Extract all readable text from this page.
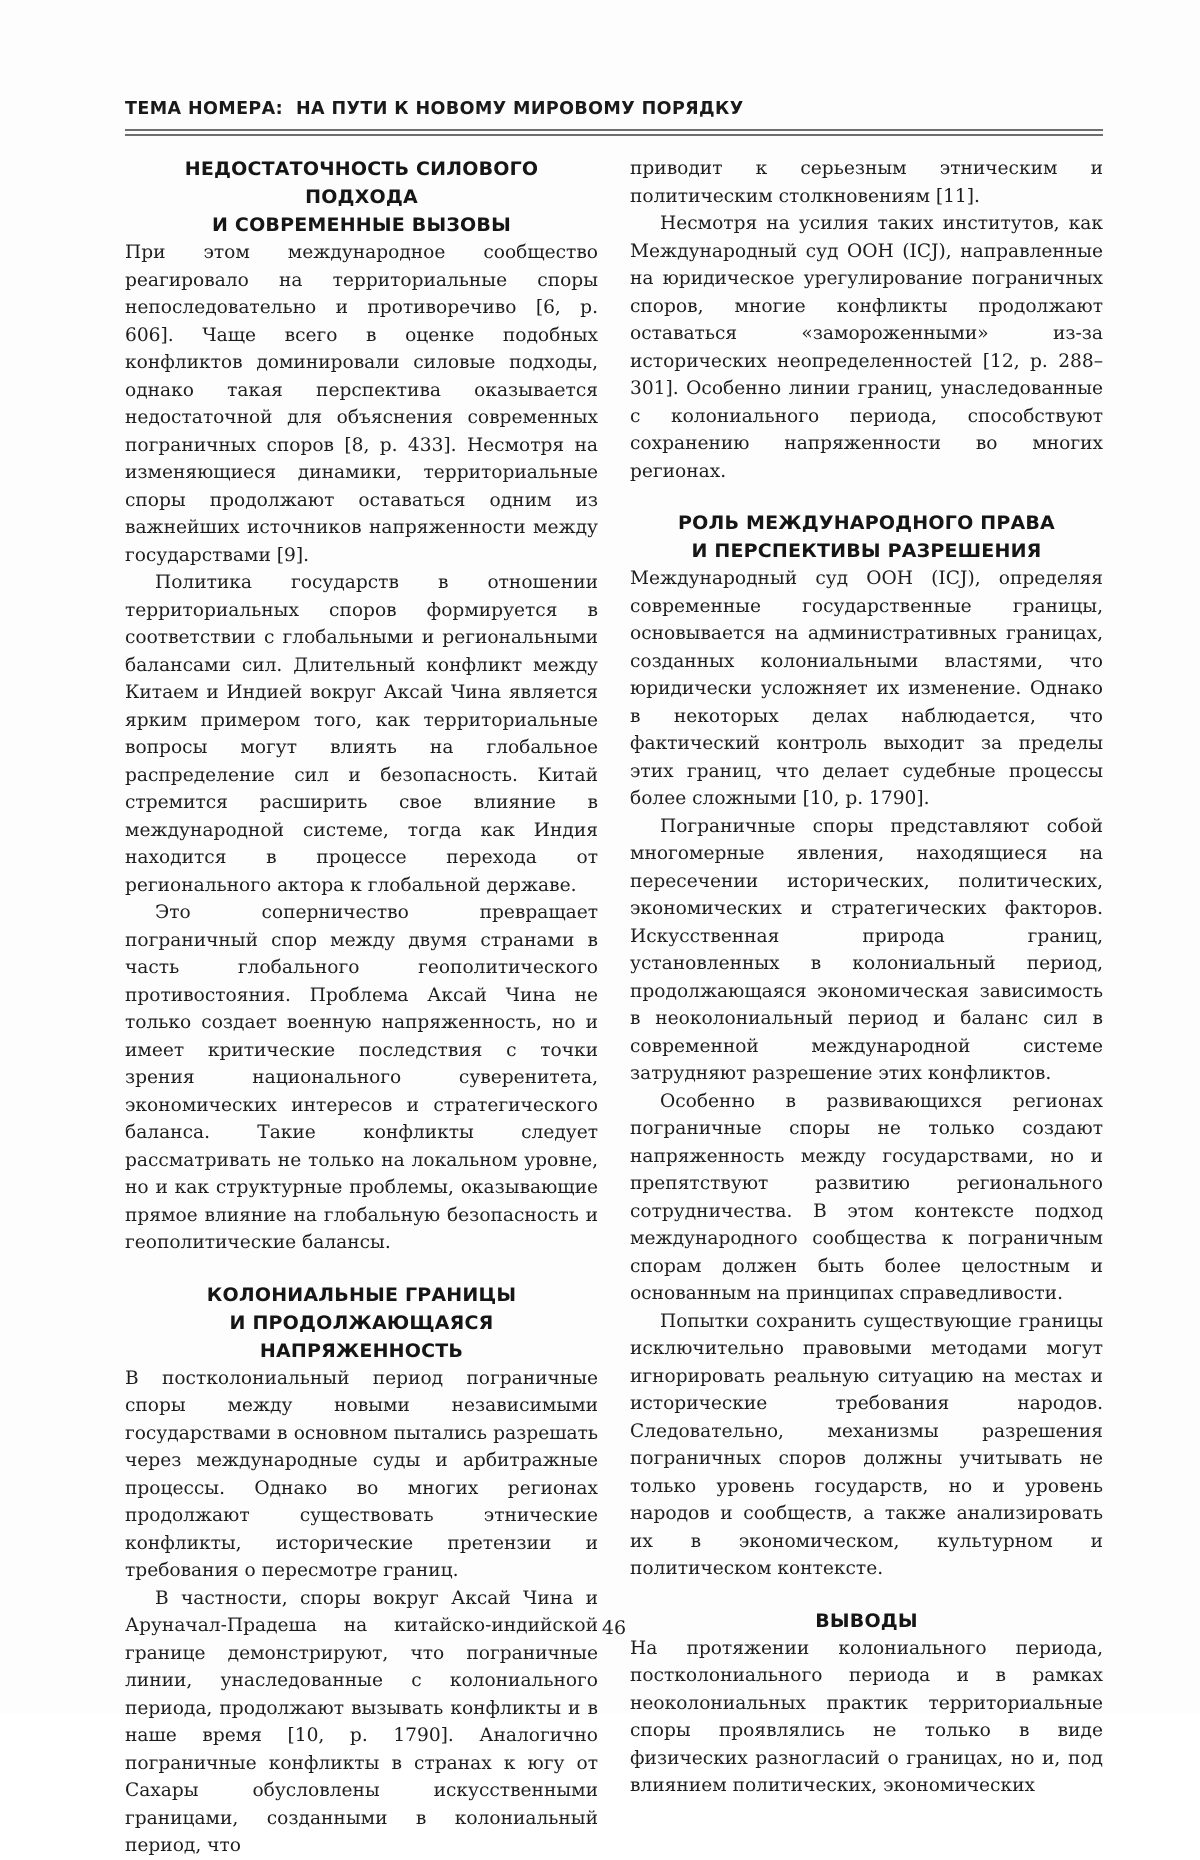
ТЕМА НОМЕРА: НА ПУТИ К НОВОМУ МИРОВОМУ ПОРЯДКУ
НЕДОСТАТОЧНОСТЬ СИЛОВОГО ПОДХОДА
И СОВРЕМЕННЫЕ ВЫЗОВЫ

При этом международное сообщество реагировало на территориальные споры непоследовательно и противоречиво [6, p. 606]. Чаще всего в оценке подобных конфликтов доминировали силовые подходы, однако такая перспектива оказывается недостаточной для объяснения современных пограничных споров [8, p. 433]. Несмотря на изменяющиеся динамики, территориальные споры продолжают оставаться одним из важнейших источников напряженности между государствами [9].

Политика государств в отношении территориальных споров формируется в соответствии с глобальными и региональными балансами сил. Длительный конфликт между Китаем и Индией вокруг Аксай Чина является ярким примером того, как территориальные вопросы могут влиять на глобальное распределение сил и безопасность. Китай стремится расширить свое влияние в международной системе, тогда как Индия находится в процессе перехода от регионального актора к глобальной державе.

Это соперничество превращает пограничный спор между двумя странами в часть глобального геополитического противостояния. Проблема Аксай Чина не только создает военную напряженность, но и имеет критические последствия с точки зрения национального суверенитета, экономических интересов и стратегического баланса. Такие конфликты следует рассматривать не только на локальном уровне, но и как структурные проблемы, оказывающие прямое влияние на глобальную безопасность и геополитические балансы.

КОЛОНИАЛЬНЫЕ ГРАНИЦЫ
И ПРОДОЛЖАЮЩАЯСЯ НАПРЯЖЕННОСТЬ

В постколониальный период пограничные споры между новыми независимыми государствами в основном пытались разрешать через международные суды и арбитражные процессы. Однако во многих регионах продолжают существовать этнические конфликты, исторические претензии и требования о пересмотре границ.

В частности, споры вокруг Аксай Чина и Аруначал-Прадеша на китайско-индийской границе демонстрируют, что пограничные линии, унаследованные с колониального периода, продолжают вызывать конфликты и в наше время [10, p. 1790]. Аналогично пограничные конфликты в странах к югу от Сахары обусловлены искусственными границами, созданными в колониальный период, что

приводит к серьезным этническим и политическим столкновениям [11].

Несмотря на усилия таких институтов, как Международный суд ООН (ICJ), направленные на юридическое урегулирование пограничных споров, многие конфликты продолжают оставаться «замороженными» из-за исторических неопределенностей [12, p. 288–301]. Особенно линии границ, унаследованные с колониального периода, способствуют сохранению напряженности во многих регионах.

РОЛЬ МЕЖДУНАРОДНОГО ПРАВА
И ПЕРСПЕКТИВЫ РАЗРЕШЕНИЯ

Международный суд ООН (ICJ), определяя современные государственные границы, основывается на административных границах, созданных колониальными властями, что юридически усложняет их изменение. Однако в некоторых делах наблюдается, что фактический контроль выходит за пределы этих границ, что делает судебные процессы более сложными [10, p. 1790].

Пограничные споры представляют собой многомерные явления, находящиеся на пересечении исторических, политических, экономических и стратегических факторов. Искусственная природа границ, установленных в колониальный период, продолжающаяся экономическая зависимость в неоколониальный период и баланс сил в современной международной системе затрудняют разрешение этих конфликтов.

Особенно в развивающихся регионах пограничные споры не только создают напряженность между государствами, но и препятствуют развитию регионального сотрудничества. В этом контексте подход международного сообщества к пограничным спорам должен быть более целостным и основанным на принципах справедливости.

Попытки сохранить существующие границы исключительно правовыми методами могут игнорировать реальную ситуацию на местах и исторические требования народов. Следовательно, механизмы разрешения пограничных споров должны учитывать не только уровень государств, но и уровень народов и сообществ, а также анализировать их в экономическом, культурном и политическом контексте.

ВЫВОДЫ

На протяжении колониального периода, постколониального периода и в рамках неоколониальных практик территориальные споры проявлялись не только в виде физических разногласий о границах, но и, под влиянием политических, экономических

46
